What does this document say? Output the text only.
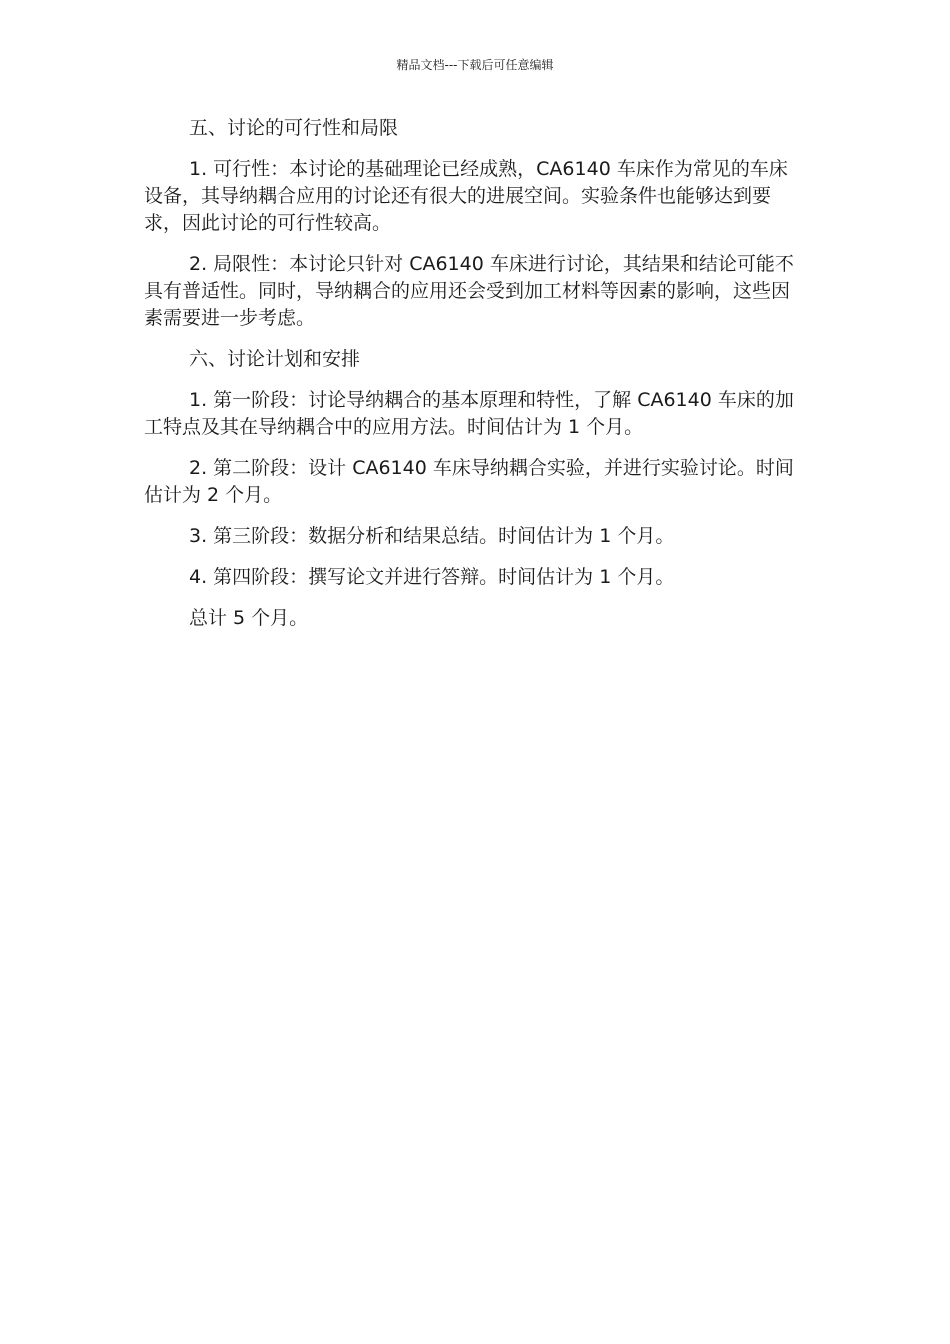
精品文档---下载后可任意编辑

五、讨论的可行性和局限

1. 可行性：本讨论的基础理论已经成熟，CA6140 车床作为常见的车床设备，其导纳耦合应用的讨论还有很大的进展空间。实验条件也能够达到要求，因此讨论的可行性较高。

2. 局限性：本讨论只针对 CA6140 车床进行讨论，其结果和结论可能不具有普适性。同时，导纳耦合的应用还会受到加工材料等因素的影响，这些因素需要进一步考虑。

六、讨论计划和安排

1. 第一阶段：讨论导纳耦合的基本原理和特性，了解 CA6140 车床的加工特点及其在导纳耦合中的应用方法。时间估计为 1 个月。

2. 第二阶段：设计 CA6140 车床导纳耦合实验，并进行实验讨论。时间估计为 2 个月。

3. 第三阶段：数据分析和结果总结。时间估计为 1 个月。

4. 第四阶段：撰写论文并进行答辩。时间估计为 1 个月。

总计 5 个月。
